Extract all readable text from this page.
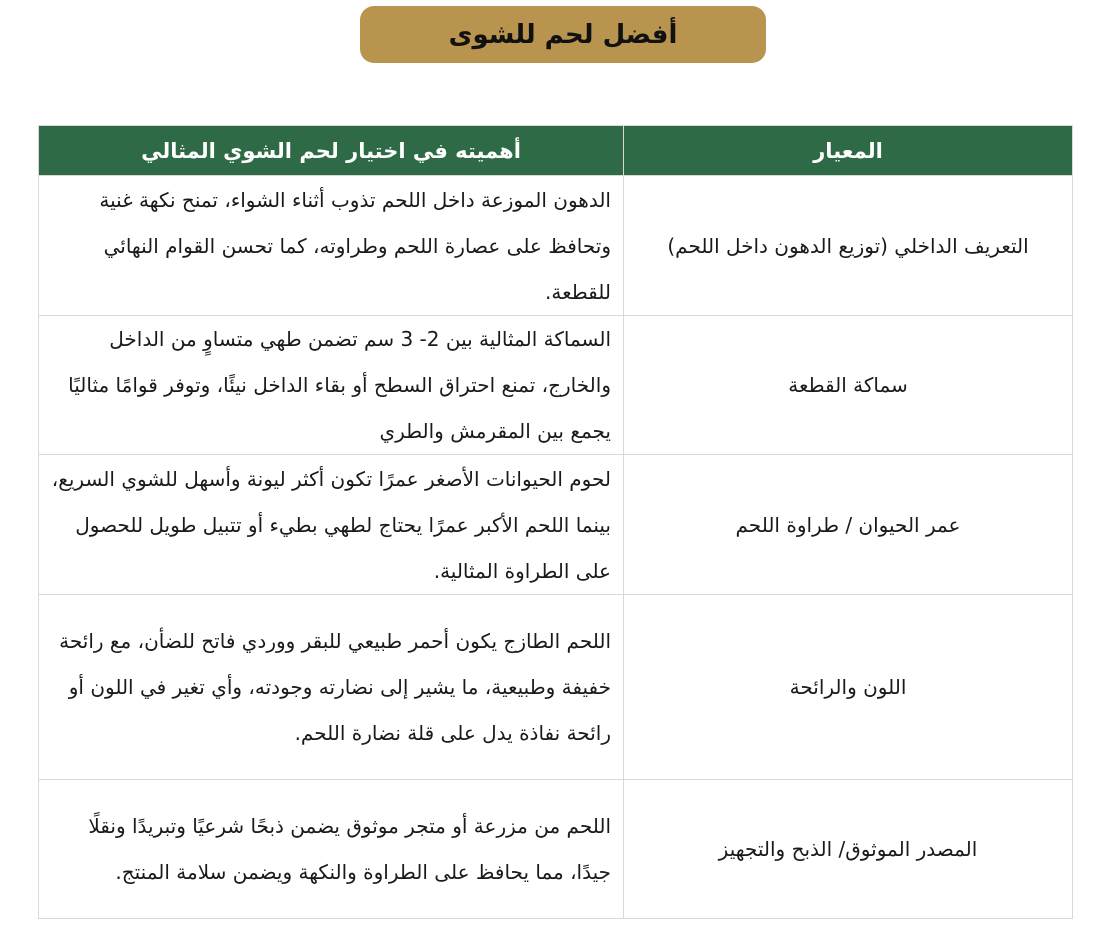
أفضل لحم للشوى
المعيار	أهميته في اختيار لحم الشوي المثالي
التعريف الداخلي (توزيع الدهون داخل اللحم)	الدهون الموزعة داخل اللحم تذوب أثناء الشواء، تمنح نكهة غنية وتحافظ على عصارة اللحم وطراوته، كما تحسن القوام النهائي للقطعة.
سماكة القطعة	السماكة المثالية بين 2- 3 سم تضمن طهي متساوٍ من الداخل والخارج، تمنع احتراق السطح أو بقاء الداخل نيئًا، وتوفر قوامًا مثاليًا يجمع بين المقرمش والطري
عمر الحيوان / طراوة اللحم	لحوم الحيوانات الأصغر عمرًا تكون أكثر ليونة وأسهل للشوي السريع، بينما اللحم الأكبر عمرًا يحتاج لطهي بطيء أو تتبيل طويل للحصول على الطراوة المثالية.
اللون والرائحة	اللحم الطازج يكون أحمر طبيعي للبقر ووردي فاتح للضأن، مع رائحة خفيفة وطبيعية، ما يشير إلى نضارته وجودته، وأي تغير في اللون أو رائحة نفاذة يدل على قلة نضارة اللحم.
المصدر الموثوق/ الذبح والتجهيز	اللحم من مزرعة أو متجر موثوق يضمن ذبحًا شرعيًا وتبريدًا ونقلًا جيدًا، مما يحافظ على الطراوة والنكهة ويضمن سلامة المنتج.
